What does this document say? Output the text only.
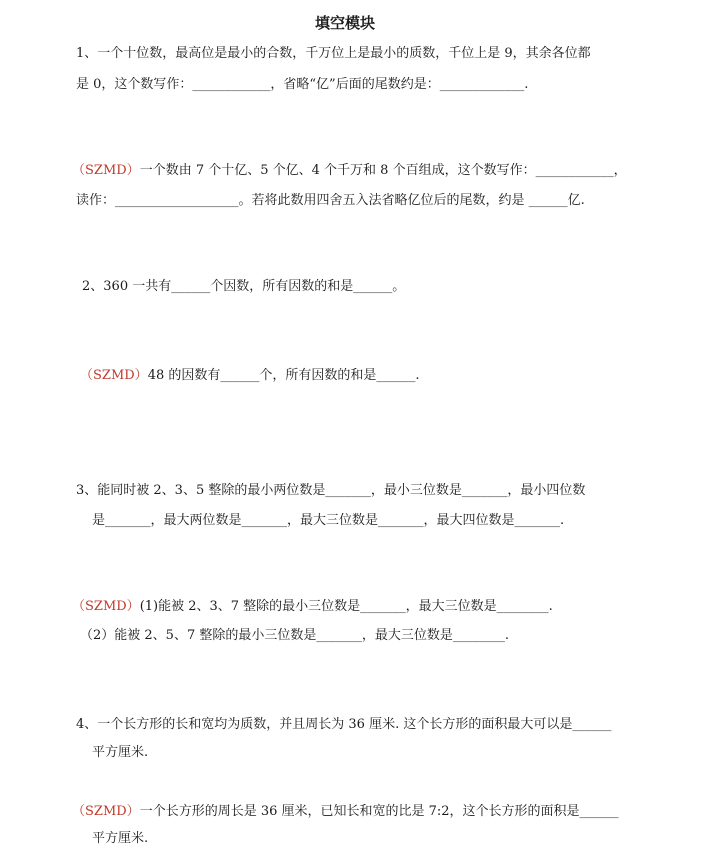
填空模块
1、一个十位数，最高位是最小的合数，千万位上是最小的质数，千位上是 9，其余各位都
是 0，这个数写作：____________，省略“亿”后面的尾数约是：_____________.
（SZMD）一个数由 7 个十亿、5 个亿、4 个千万和 8 个百组成，这个数写作：____________，
读作：___________________。若将此数用四舍五入法省略亿位后的尾数，约是 ______亿.
2、360 一共有______个因数，所有因数的和是______。
（SZMD）48 的因数有______个，所有因数的和是______.
3、能同时被 2、3、5 整除的最小两位数是_______，最小三位数是_______，最小四位数
是_______，最大两位数是_______，最大三位数是_______，最大四位数是_______.
（SZMD）(1)能被 2、3、7 整除的最小三位数是_______，最大三位数是________.
（2）能被 2、5、7 整除的最小三位数是_______，最大三位数是________.
4、一个长方形的长和宽均为质数，并且周长为 36 厘米. 这个长方形的面积最大可以是______
平方厘米.
（SZMD）一个长方形的周长是 36 厘米，已知长和宽的比是 7:2，这个长方形的面积是______
平方厘米.
